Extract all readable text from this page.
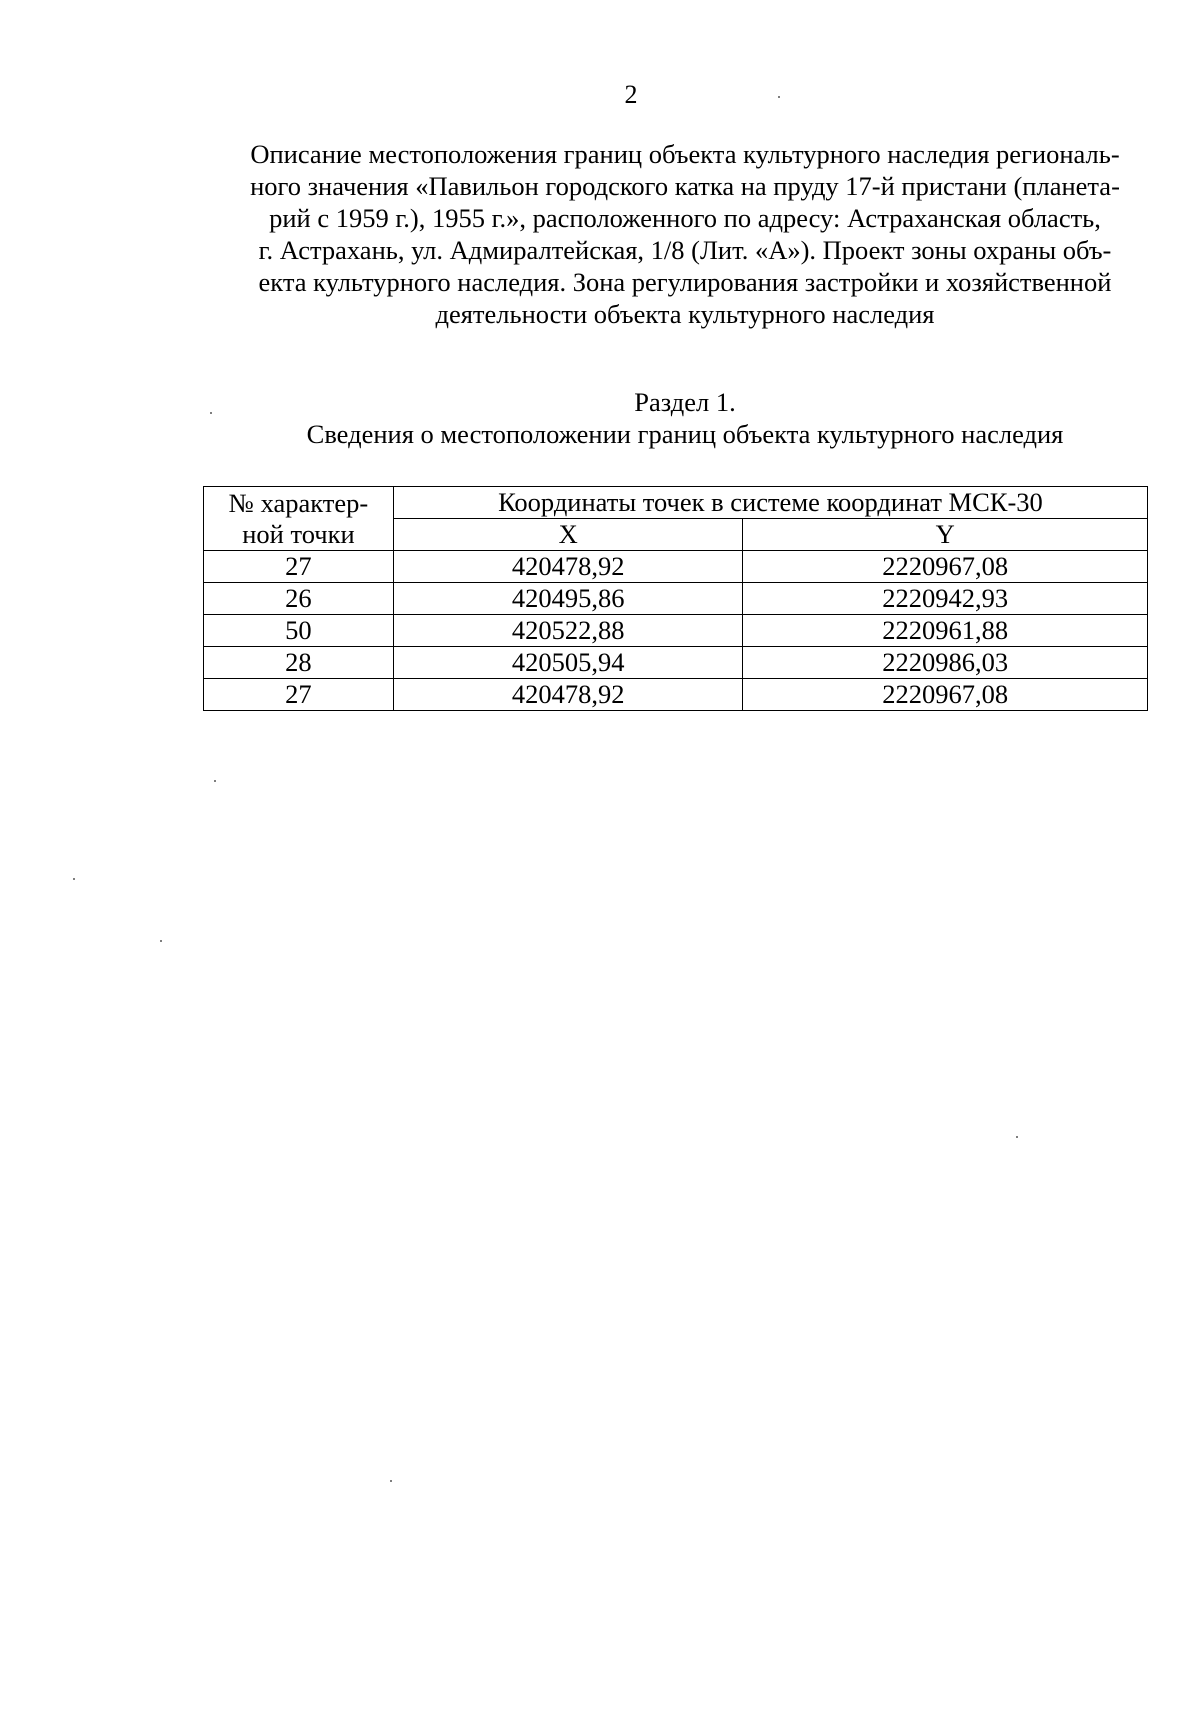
2
Описание местоположения границ объекта культурного наследия региональ-
ного значения «Павильон городского катка на пруду 17-й пристани (планета-
рий с 1959 г.), 1955 г.», расположенного по адресу: Астраханская область,
г. Астрахань, ул. Адмиралтейская, 1/8 (Лит. «А»). Проект зоны охраны объ-
екта культурного наследия. Зона регулирования застройки и хозяйственной
деятельности объекта культурного наследия
Раздел 1.
Сведения о местоположении границ объекта культурного наследия
№ характер-
ной точки	Координаты точек в системе координат МСК-30	
	X	Y
27	420478,92	2220967,08
26	420495,86	2220942,93
50	420522,88	2220961,88
28	420505,94	2220986,03
27	420478,92	2220967,08
